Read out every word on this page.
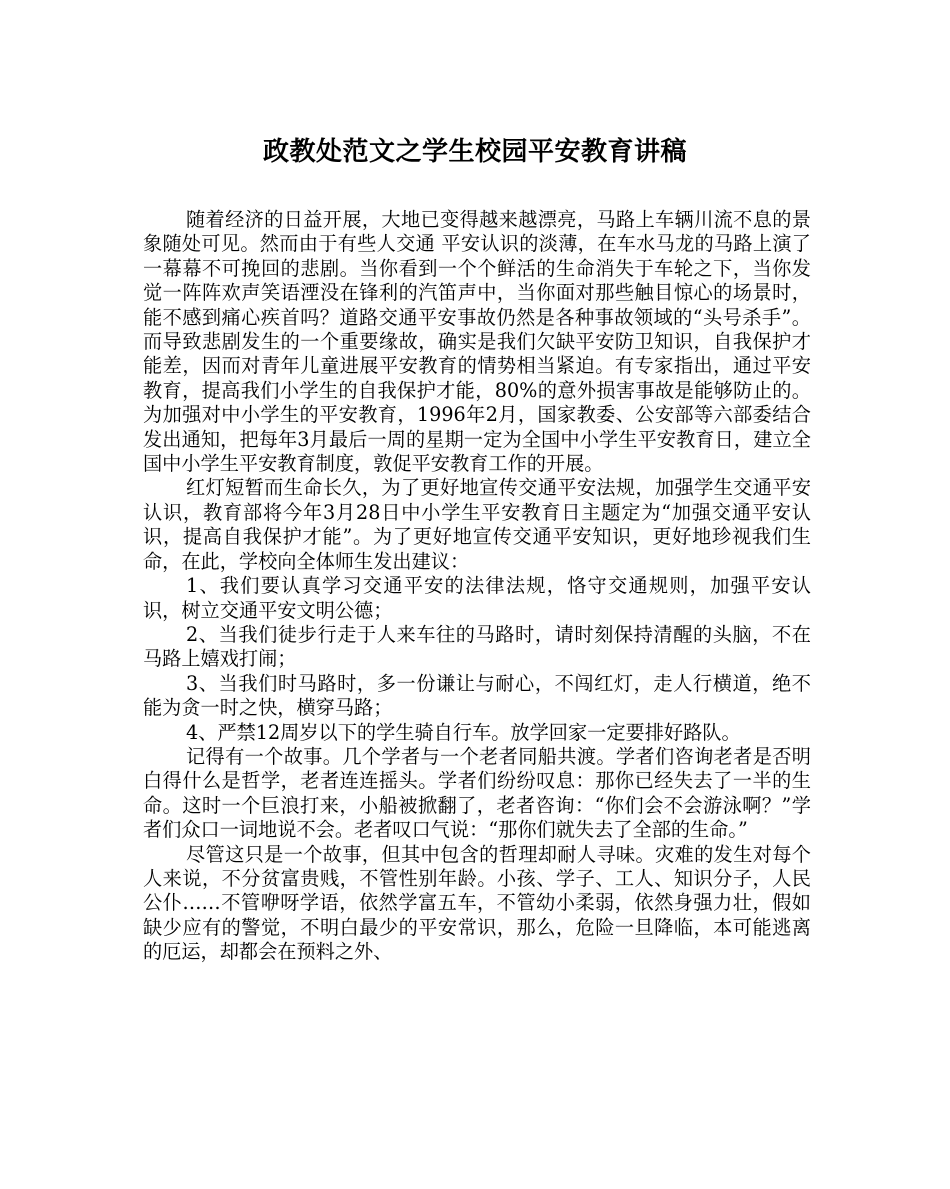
政教处范文之学生校园平安教育讲稿

随着经济的日益开展，大地已变得越来越漂亮，马路上车辆川流不息的景象随处可见。然而由于有些人交通 平安认识的淡薄，在车水马龙的马路上演了一幕幕不可挽回的悲剧。当你看到一个个鲜活的生命消失于车轮之下，当你发觉一阵阵欢声笑语湮没在锋利的汽笛声中，当你面对那些触目惊心的场景时，能不感到痛心疾首吗？道路交通平安事故仍然是各种事故领域的“头号杀手”。 而导致悲剧发生的一个重要缘故，确实是我们欠缺平安防卫知识，自我保护才能差，因而对青年儿童进展平安教育的情势相当紧迫。有专家指出，通过平安教育，提高我们小学生的自我保护才能，80%的意外损害事故是能够防止的。为加强对中小学生的平安教育，1996年2月，国家教委、公安部等六部委结合发出通知，把每年3月最后一周的星期一定为全国中小学生平安教育日，建立全国中小学生平安教育制度，敦促平安教育工作的开展。

红灯短暂而生命长久，为了更好地宣传交通平安法规，加强学生交通平安认识，教育部将今年3月28日中小学生平安教育日主题定为“加强交通平安认识，提高自我保护才能”。为了更好地宣传交通平安知识，更好地珍视我们生命，在此，学校向全体师生发出建议：

1、我们要认真学习交通平安的法律法规，恪守交通规则，加强平安认识，树立交通平安文明公德；

2、当我们徒步行走于人来车往的马路时，请时刻保持清醒的头脑，不在马路上嬉戏打闹；

3、当我们时马路时，多一份谦让与耐心，不闯红灯，走人行横道，绝不能为贪一时之快，横穿马路；

4、严禁12周岁以下的学生骑自行车。放学回家一定要排好路队。

记得有一个故事。几个学者与一个老者同船共渡。学者们咨询老者是否明白得什么是哲学，老者连连摇头。学者们纷纷叹息：那你已经失去了一半的生命。这时一个巨浪打来，小船被掀翻了，老者咨询：“你们会不会游泳啊？”学者们众口一词地说不会。老者叹口气说：“那你们就失去了全部的生命。”

尽管这只是一个故事，但其中包含的哲理却耐人寻味。灾难的发生对每个人来说，不分贫富贵贱，不管性别年龄。小孩、学子、工人、知识分子，人民公仆……不管咿呀学语，依然学富五车，不管幼小柔弱，依然身强力壮，假如缺少应有的警觉，不明白最少的平安常识，那么，危险一旦降临，本可能逃离的厄运，却都会在预料之外、
